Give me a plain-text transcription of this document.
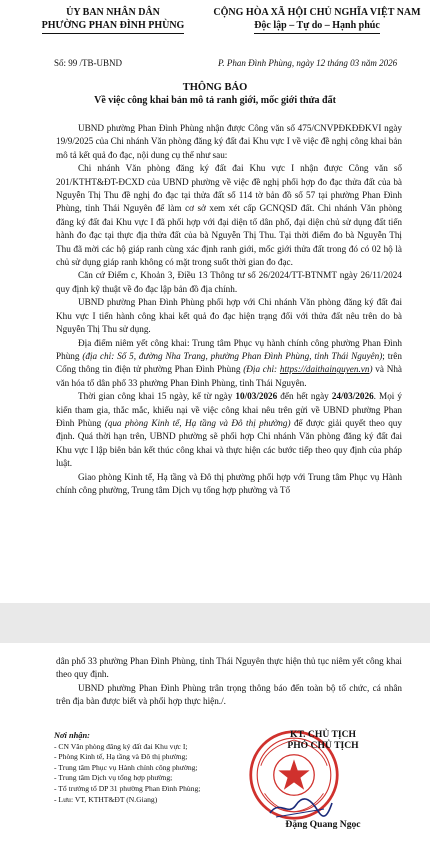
ỦY BAN NHÂN DÂN
PHƯỜNG PHAN ĐÌNH PHÙNG
CỘNG HÒA XÃ HỘI CHỦ NGHĨA VIỆT NAM
Độc lập – Tự do – Hạnh phúc
Số: 99 /TB-UBND	P. Phan Đình Phùng, ngày 12 tháng 03 năm 2026
THÔNG BÁO
Về việc công khai bản mô tả ranh giới, mốc giới thửa đất

UBND phường Phan Đình Phùng nhận được Công văn số 475/CNVPĐKĐĐKVI ngày 19/9/2025 của Chi nhánh Văn phòng đăng ký đất đai Khu vực I về việc đề nghị công khai bản mô tả kết quả đo đạc, nội dung cụ thể như sau:

Chi nhánh Văn phòng đăng ký đất đai Khu vực I nhận được Công văn số 201/KTHT&ĐT-ĐCXD của UBND phường về việc đề nghị phối hợp đo đạc thửa đất của bà Nguyễn Thị Thu đề nghị đo đạc tại thửa đất số 114 tờ bản đồ số 57 tại phường Phan Đình Phùng, tỉnh Thái Nguyên để làm cơ sở xem xét cấp GCNQSD đất. Chi nhánh Văn phòng đăng ký đất đai Khu vực I đã phối hợp với đại diện tổ dân phố, đại diện chủ sử dụng đất tiến hành đo đạc tại thực địa thửa đất của bà Nguyễn Thị Thu. Tại thời điểm đo bà Nguyễn Thị Thu đã mời các hộ giáp ranh cùng xác định ranh giới, mốc giới thửa đất trong đó có 02 hộ là chủ sử dụng giáp ranh không có mặt trong suốt thời gian đo đạc.

Căn cứ Điểm c, Khoản 3, Điều 13 Thông tư số 26/2024/TT-BTNMT ngày 26/11/2024 quy định kỹ thuật về đo đạc lập bản đồ địa chính.

UBND phường Phan Đình Phùng phối hợp với Chi nhánh Văn phòng đăng ký đất đai Khu vực I tiến hành công khai kết quả đo đạc hiện trạng đối với thửa đất nêu trên do bà Nguyễn Thị Thu sử dụng.

Địa điểm niêm yết công khai: Trung tâm Phục vụ hành chính công phường Phan Đình Phùng (địa chỉ: Số 5, đường Nha Trang, phường Phan Đình Phùng, tỉnh Thái Nguyên); trên Cổng thông tin điện tử phường Phan Đình Phùng (Địa chỉ: https://daithainguyen.vn) và Nhà văn hóa tổ dân phố 33 phường Phan Đình Phùng, tỉnh Thái Nguyên.

Thời gian công khai 15 ngày, kể từ ngày 10/03/2026 đến hết ngày 24/03/2026. Mọi ý kiến tham gia, thắc mắc, khiếu nại về việc công khai nêu trên gửi về UBND phường Phan Đình Phùng (qua phòng Kinh tế, Hạ tầng và Đô thị phường) để được giải quyết theo quy định. Quá thời hạn trên, UBND phường sẽ phối hợp Chi nhánh Văn phòng đăng ký đất đai Khu vực I lập biên bản kết thúc công khai và thực hiện các bước tiếp theo quy định của pháp luật.

Giao phòng Kinh tế, Hạ tầng và Đô thị phường phối hợp với Trung tâm Phục vụ Hành chính công phường, Trung tâm Dịch vụ tổng hợp phường và Tổ

dân phố 33 phường Phan Đình Phùng, tỉnh Thái Nguyên thực hiện thủ tục niêm yết công khai theo quy định.

UBND phường Phan Đình Phùng trân trọng thông báo đến toàn bộ tổ chức, cá nhân trên địa bàn được biết và phối hợp thực hiện./.

Nơi nhận:
- CN Văn phòng đăng ký đất đai Khu vực I;
- Phòng Kinh tế, Hạ tầng và Đô thị phường;
- Trung tâm Phục vụ Hành chính công phường;
- Trung tâm Dịch vụ tổng hợp phường;
- Tổ trưởng tổ DP 31 phường Phan Đình Phùng;
- Lưu: VT, KTHT&ĐT (N.Giang)
KT. CHỦ TỊCH
PHÓ CHỦ TỊCH
Đặng Quang Ngọc
